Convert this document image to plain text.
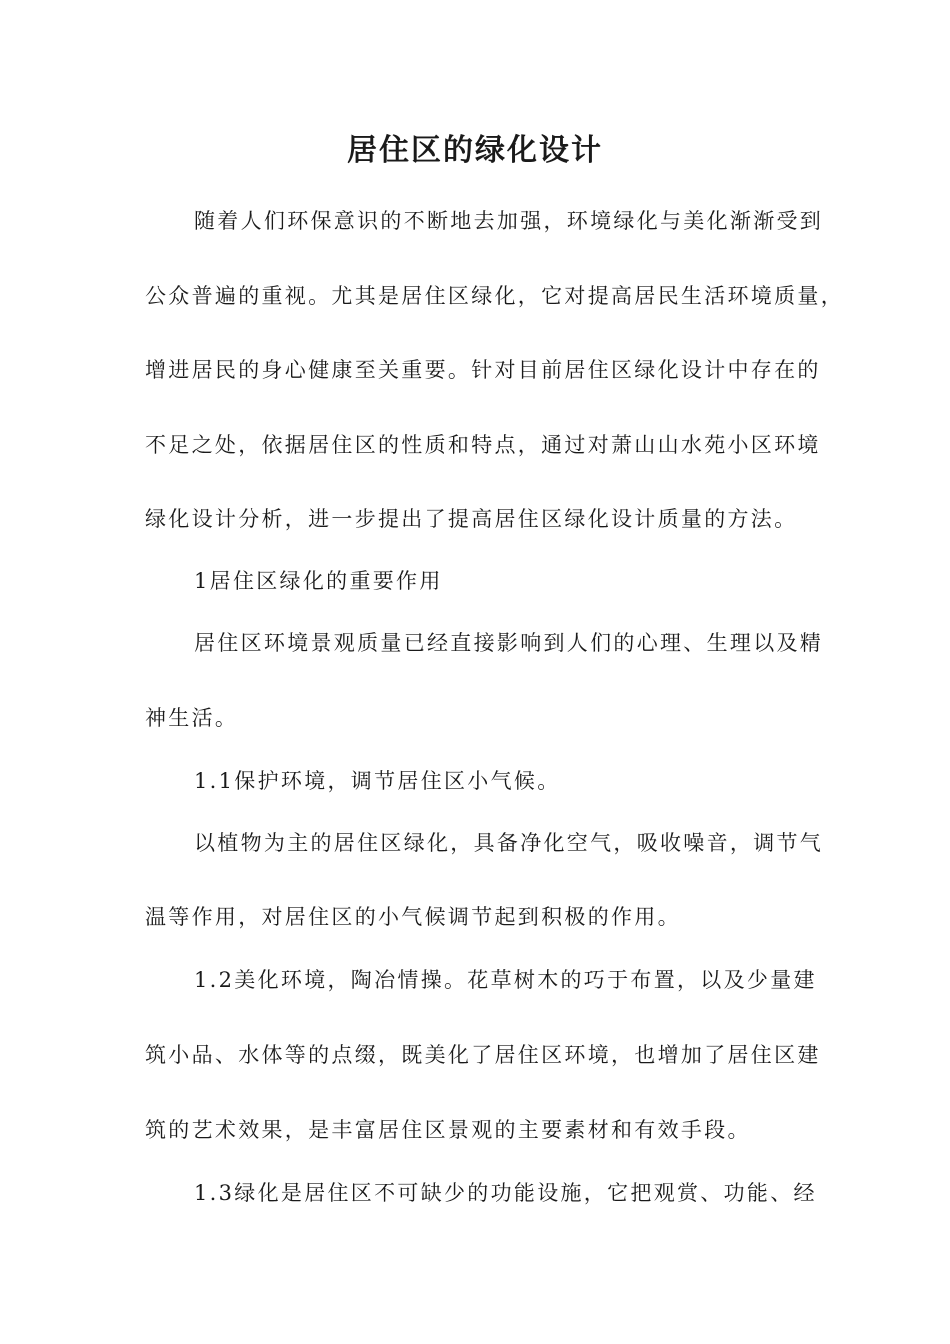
居住区的绿化设计
随着人们环保意识的不断地去加强，环境绿化与美化渐渐受到
公众普遍的重视。尤其是居住区绿化，它对提高居民生活环境质量，
增进居民的身心健康至关重要。针对目前居住区绿化设计中存在的
不足之处，依据居住区的性质和特点，通过对萧山山水苑小区环境
绿化设计分析，进一步提出了提高居住区绿化设计质量的方法。
1居住区绿化的重要作用
居住区环境景观质量已经直接影响到人们的心理、生理以及精
神生活。
1.1保护环境，调节居住区小气候。
以植物为主的居住区绿化，具备净化空气，吸收噪音，调节气
温等作用，对居住区的小气候调节起到积极的作用。
1.2美化环境，陶冶情操。花草树木的巧于布置，以及少量建
筑小品、水体等的点缀，既美化了居住区环境，也增加了居住区建
筑的艺术效果，是丰富居住区景观的主要素材和有效手段。
1.3绿化是居住区不可缺少的功能设施，它把观赏、功能、经
